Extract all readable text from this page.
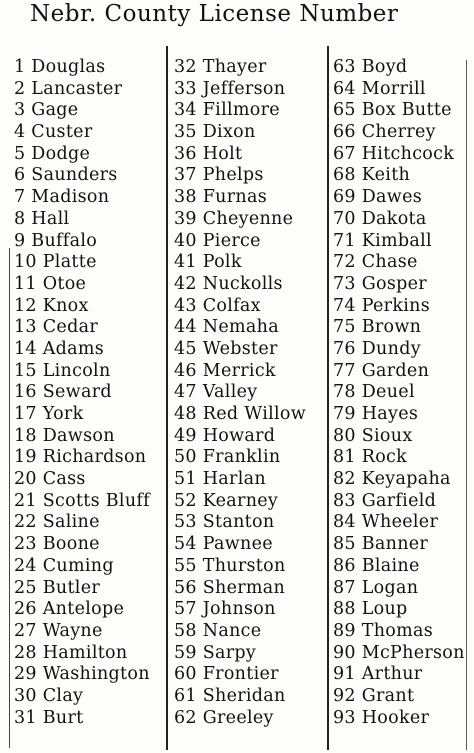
Nebr. County License Number
1 Douglas
2 Lancaster
3 Gage
4 Custer
5 Dodge
6 Saunders
7 Madison
8 Hall
9 Buffalo
10 Platte
11 Otoe
12 Knox
13 Cedar
14 Adams
15 Lincoln
16 Seward
17 York
18 Dawson
19 Richardson
20 Cass
21 Scotts Bluff
22 Saline
23 Boone
24 Cuming
25 Butler
26 Antelope
27 Wayne
28 Hamilton
29 Washington
30 Clay
31 Burt
32 Thayer
33 Jefferson
34 Fillmore
35 Dixon
36 Holt
37 Phelps
38 Furnas
39 Cheyenne
40 Pierce
41 Polk
42 Nuckolls
43 Colfax
44 Nemaha
45 Webster
46 Merrick
47 Valley
48 Red Willow
49 Howard
50 Franklin
51 Harlan
52 Kearney
53 Stanton
54 Pawnee
55 Thurston
56 Sherman
57 Johnson
58 Nance
59 Sarpy
60 Frontier
61 Sheridan
62 Greeley
63 Boyd
64 Morrill
65 Box Butte
66 Cherrey
67 Hitchcock
68 Keith
69 Dawes
70 Dakota
71 Kimball
72 Chase
73 Gosper
74 Perkins
75 Brown
76 Dundy
77 Garden
78 Deuel
79 Hayes
80 Sioux
81 Rock
82 Keyapaha
83 Garfield
84 Wheeler
85 Banner
86 Blaine
87 Logan
88 Loup
89 Thomas
90 McPherson
91 Arthur
92 Grant
93 Hooker
